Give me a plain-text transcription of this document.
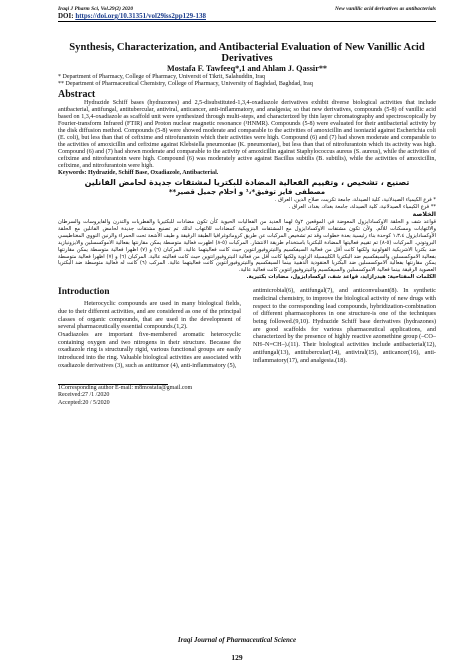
Iraqi J Pharm Sci, Vol.29(2) 2020	New vanillic acid derivatives as antibacterials
DOI: https://doi.org/10.31351/vol29iss2pp129-138
Synthesis, Characterization, and Antibacterial Evaluation of New Vanillic Acid Derivatives
Mostafa F. Tawfeeq*,1 and Ahlam J. Qassir**
* Department of Pharmacy, College of Pharmacy, Universit of Tikrit, Salahuddin, Iraq
** Department of Pharmaceutical Chemistry, College of Pharmacy, University of Baghdad, Baghdad, Iraq
Abstract

Hydrazide Schiff bases (hydrazones) and 2,5-disubstituted-1,3,4-oxadiazole derivatives exhibit diverse biological activities that include antibacterial, antifungal, antitubercular, antiviral, anticancer, anti-inflammatory, and analgesia; so that new derivatives, compounds (5-8) of vanillic acid based on 1,3,4-oxadiazole as scaffold unit were synthesized through multi-steps, and characterized by thin layer chromatography and spectroscopically by Fourier-transform Infrared (FTIR) and Proton nuclear magnetic resonance (¹HNMR). Compounds (5-8) were evaluated for their antibacterial activity by the disk diffusion method. Compounds (5-8) were showed moderate and comparable to the activities of amoxicillin and isoniazid against Escherichia coli (E. coli), but less than that of cefixime and nitrofurantoin which their activities were high. Compound (6) and (7) had shown moderate and comparable to the activities of amoxicillin and cefixime against Klebsiella pneumoniae (K. pneumoniae), but less than that of nitrofurantoin which its activity was high. Compound (6) and (7) had shown moderate and comparable to the activity of amoxicillin against Staphylococcus aureus (S. aureus), while the activities of cefixime and nitrofurantoin were high. Compound (6) was moderately active against Bacillus subtilis (B. subtilis), while the activities of amoxicillin, cefixime, and nitrofurantoin were high.

Keywords: Hydrazide, Schiff Base, Oxadiazole, Antibacterial.
تصنيع ، تشخيص ، وتقييم الفعالية المضادة للبكتريا لمشتقات جديدة لحامض الفانلين
مصطفى فايز توفيق*،¹ و احلام جميل قصير**
* فرع الكيمياء الصيدلانية، كلية الصيدلة، جامعة تكريت، صلاح الدين، العراق .
** فرع الكيمياء الصيدلانية، كلية الصيدلة، جامعة بغداد، بغداد، العراق .
الخلاصة
قواعد شف و الحلقة الاوكسادايزول المعوضة في الموقعين ٢و٥ لهما العديد من الفعاليات الحيوية كأن تكون مضادات للبكتيريا والفطريات والتدرن والفايروسات والسرطان والالتهابات ومسكنات للألم. ولأن تكون مشتقات الاوكسادايزول مع المشتقات البنزويكية كمضادات للالتهاب لذلك تم تصنيع مشتقات جديدة لحامض الفانلين مع الحلقة الأوكسادايزول ١،٣،٤ كوحدة بناء رئيسية بعدة خطوات وقد تم تشخيص المركبات عن طريق كروماتوغرافيا الطبقة الرقيقة و طيف الأشعة تحت الحمراء والرنين النووي المغناطيسي البروتوني. المركبات (٥-٨) تم تقييم فعاليتها المضادة للبكتريا باستخدام طريقة الانتشار. المركبات (٥-٨) اظهرت فعالية متوسطة يمكن مقارنتها بفعالية الاموكسسلين والايزونيازيد ضد بكتريا الاشريكية القولونية ولكنها كانت أقل من فعالية السيفكسيم والنيتروفيورانتوين حيث كانت فعاليتهما عالية. المركبان (٦) و (٧) اظهرا فعالية متوسطة يمكن مقارنتها بفعالية الاموكسسلين والسيفكسيم ضد البكتريا الكليبسيلة الرئوية ولكنها كانت أقل من فعالية النيتروفيورانتوين حيث كانت فعاليته عالية. المركبان (٦) و (٧) اظهرا فعالية متوسطة يمكن مقارنتها بفعالية الاموكسسلين ضد البكتريا العنقودية الذهبية بينما السيفكسيم والنيتروفيورانتوين كانت فعاليتهما عالية. المركب (٦) كانت له فعالية متوسطة ضد البكتريا العصوية الرقيقة بينما فعالية الاموكسسلين والسيفكسيم والنيتروفيورانتوين كانت فعالية عالية.
الكلمات المفتاحية: هيدرازايد، قواعد شف، اوكسادايزول، مضادات بكتيرية.
Introduction

Heterocyclic compounds are used in many biological fields, due to their different activities, and are considered as one of the principal classes of organic compounds, that are used in the development of several pharmaceutically essential compounds.(1,2).

Oxadiazoles are important five-membered aromatic heterocyclic containing oxygen and two nitrogens in their structure. Because the oxadiazole ring is structurally rigid, various functional groups are easily introduced into the ring. Valuable biological activities are associated with oxadiazole derivatives (3), such as antitumor (4), anti-inflammatory (5),

1Corresponding author E-mail: m8mostafa@gmail.com
Received:27 /1 /2020
Accepted:20 / 5/2020

antimicrobial(6), antifungal(7), and anticonvulsant(8). In synthetic medicinal chemistry, to improve the biological activity of new drugs with respect to the corresponding lead compounds, hybridization-combination of different pharmacophores in one structure-is one of the techniques being followed.(9,10). Hydrazide Schiff base derivatives (hydrazones) are good scaffolds for various pharmaceutical applications, and characterized by the presence of highly reactive azomethine group (–CO–NH–N=CH–).(11). Their biological activities include antibacterial(12), antifungal(13), antitubercular(14), antiviral(15), anticancer(16), anti-inflammatory(17), and analgesia.(18).

Iraqi Journal of Pharmaceutical Science
129
